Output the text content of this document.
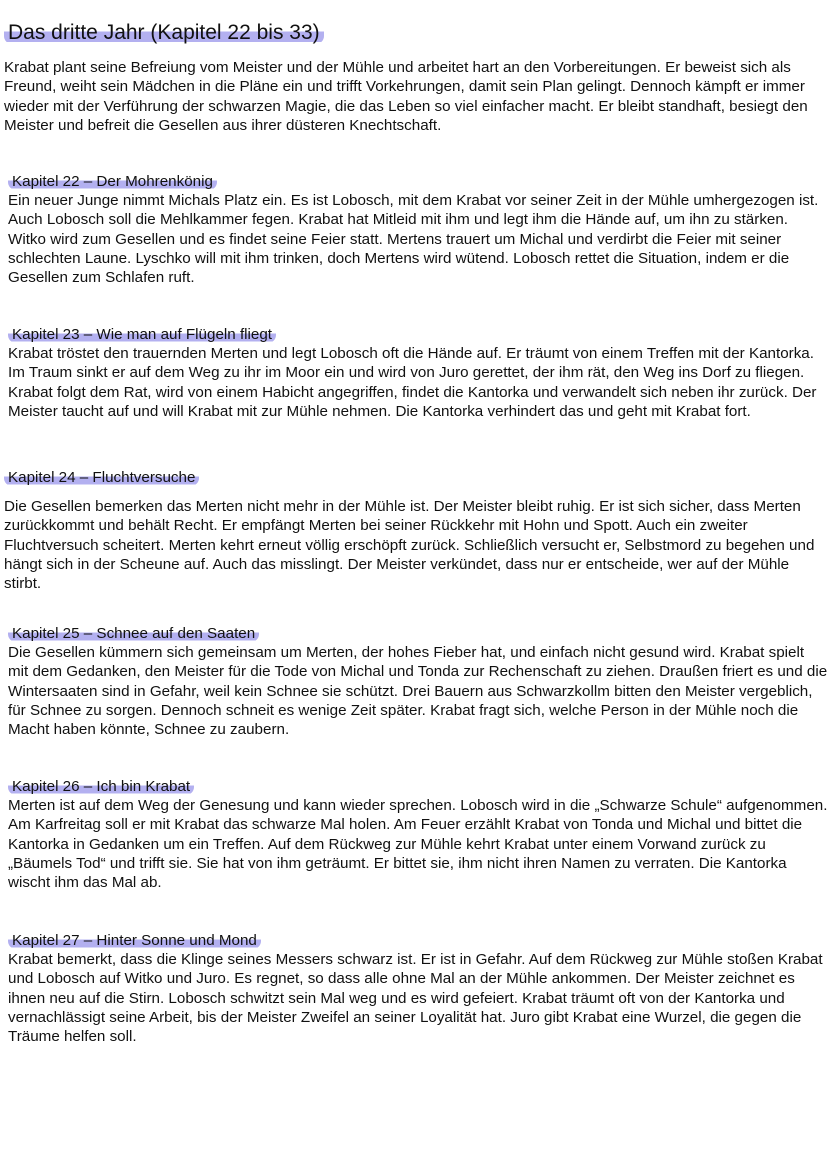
Das dritte Jahr (Kapitel 22 bis 33)

Krabat plant seine Befreiung vom Meister und der Mühle und arbeitet hart an den Vorbereitungen. Er beweist sich als Freund, weiht sein Mädchen in die Pläne ein und trifft Vorkehrungen, damit sein Plan gelingt. Dennoch kämpft er immer wieder mit der Verführung der schwarzen Magie, die das Leben so viel einfacher macht. Er bleibt standhaft, besiegt den Meister und befreit die Gesellen aus ihrer düsteren Knechtschaft.

Kapitel 22 – Der Mohrenkönig

Ein neuer Junge nimmt Michals Platz ein. Es ist Lobosch, mit dem Krabat vor seiner Zeit in der Mühle umhergezogen ist. Auch Lobosch soll die Mehlkammer fegen. Krabat hat Mitleid mit ihm und legt ihm die Hände auf, um ihn zu stärken. Witko wird zum Gesellen und es findet seine Feier statt. Mertens trauert um Michal und verdirbt die Feier mit seiner schlechten Laune. Lyschko will mit ihm trinken, doch Mertens wird wütend. Lobosch rettet die Situation, indem er die Gesellen zum Schlafen ruft.

Kapitel 23 – Wie man auf Flügeln fliegt

Krabat tröstet den trauernden Merten und legt Lobosch oft die Hände auf. Er träumt von einem Treffen mit der Kantorka. Im Traum sinkt er auf dem Weg zu ihr im Moor ein und wird von Juro gerettet, der ihm rät, den Weg ins Dorf zu fliegen. Krabat folgt dem Rat, wird von einem Habicht angegriffen, findet die Kantorka und verwandelt sich neben ihr zurück. Der Meister taucht auf und will Krabat mit zur Mühle nehmen. Die Kantorka verhindert das und geht mit Krabat fort.

Kapitel 24 – Fluchtversuche

Die Gesellen bemerken das Merten nicht mehr in der Mühle ist. Der Meister bleibt ruhig. Er ist sich sicher, dass Merten zurückkommt und behält Recht. Er empfängt Merten bei seiner Rückkehr mit Hohn und Spott. Auch ein zweiter Fluchtversuch scheitert. Merten kehrt erneut völlig erschöpft zurück. Schließlich versucht er, Selbstmord zu begehen und hängt sich in der Scheune auf. Auch das misslingt. Der Meister verkündet, dass nur er entscheide, wer auf der Mühle stirbt.

Kapitel 25 – Schnee auf den Saaten

Die Gesellen kümmern sich gemeinsam um Merten, der hohes Fieber hat, und einfach nicht gesund wird. Krabat spielt mit dem Gedanken, den Meister für die Tode von Michal und Tonda zur Rechenschaft zu ziehen. Draußen friert es und die Wintersaaten sind in Gefahr, weil kein Schnee sie schützt. Drei Bauern aus Schwarzkollm bitten den Meister vergeblich, für Schnee zu sorgen. Dennoch schneit es wenige Zeit später. Krabat fragt sich, welche Person in der Mühle noch die Macht haben könnte, Schnee zu zaubern.

Kapitel 26 – Ich bin Krabat

Merten ist auf dem Weg der Genesung und kann wieder sprechen. Lobosch wird in die „Schwarze Schule“ aufgenommen. Am Karfreitag soll er mit Krabat das schwarze Mal holen. Am Feuer erzählt Krabat von Tonda und Michal und bittet die Kantorka in Gedanken um ein Treffen. Auf dem Rückweg zur Mühle kehrt Krabat unter einem Vorwand zurück zu „Bäumels Tod“ und trifft sie. Sie hat von ihm geträumt. Er bittet sie, ihm nicht ihren Namen zu verraten. Die Kantorka wischt ihm das Mal ab.

Kapitel 27 – Hinter Sonne und Mond

Krabat bemerkt, dass die Klinge seines Messers schwarz ist. Er ist in Gefahr. Auf dem Rückweg zur Mühle stoßen Krabat und Lobosch auf Witko und Juro. Es regnet, so dass alle ohne Mal an der Mühle ankommen. Der Meister zeichnet es ihnen neu auf die Stirn. Lobosch schwitzt sein Mal weg und es wird gefeiert. Krabat träumt oft von der Kantorka und vernachlässigt seine Arbeit, bis der Meister Zweifel an seiner Loyalität hat. Juro gibt Krabat eine Wurzel, die gegen die Träume helfen soll.
